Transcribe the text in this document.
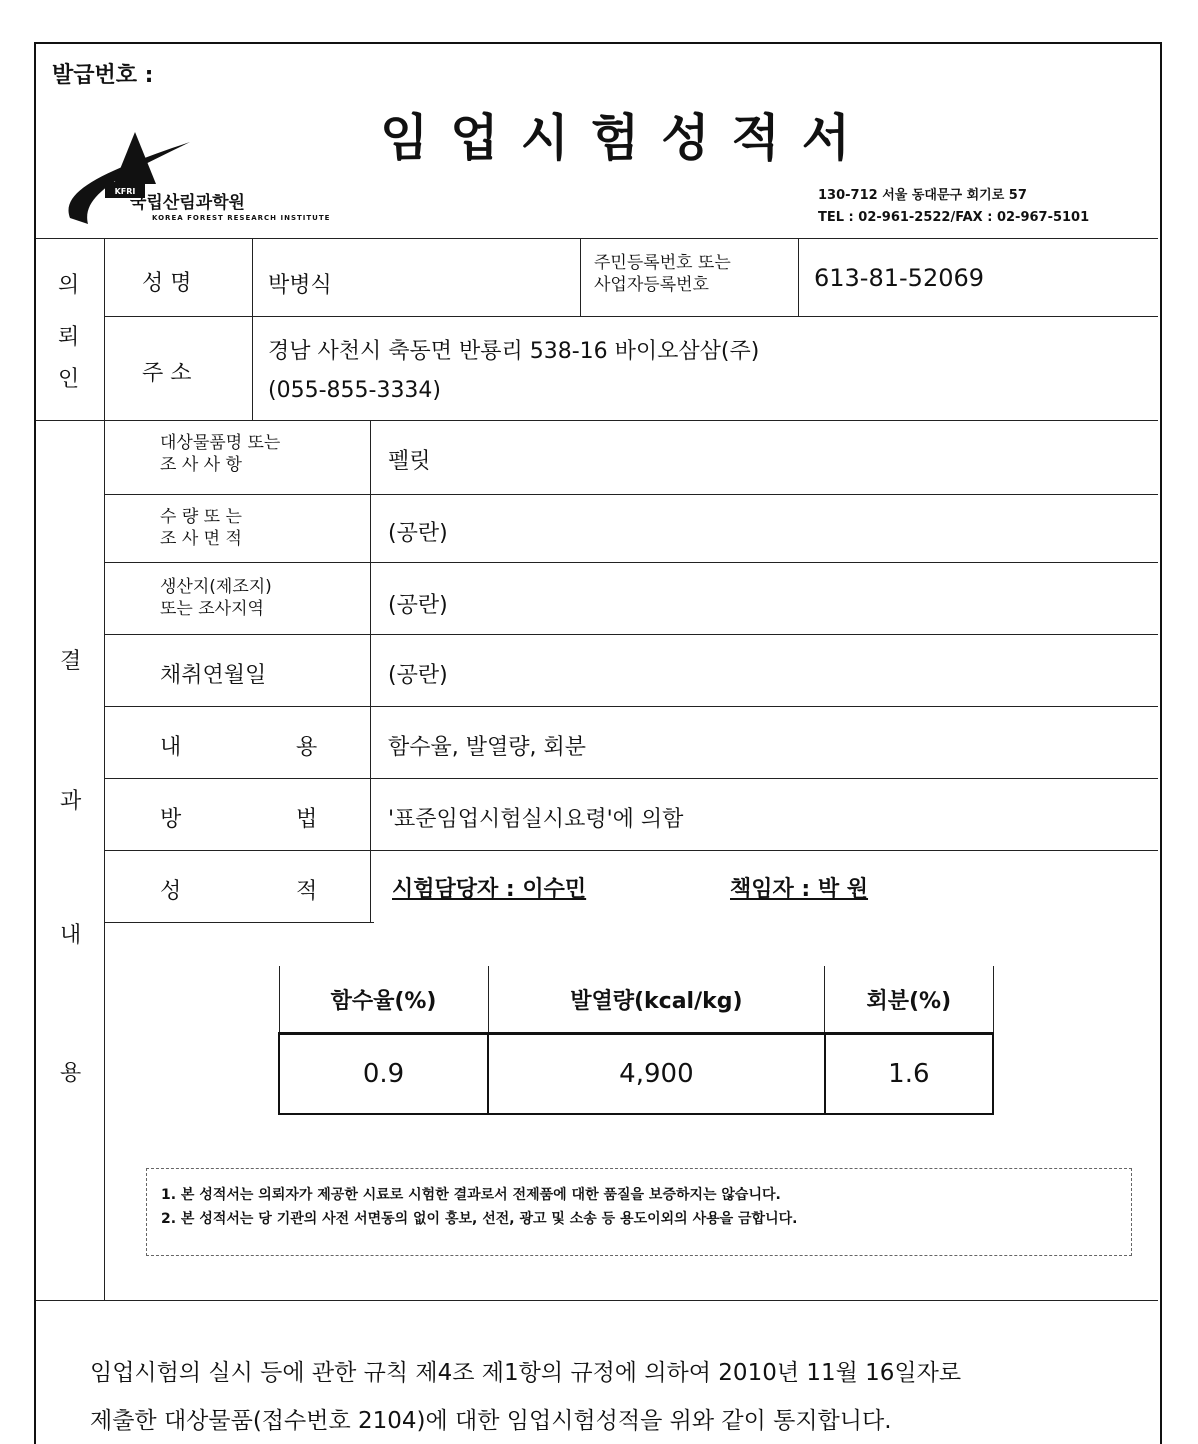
발급번호 :
임업시험성적서
KFRI
국립산림과학원
KOREA FOREST RESEARCH INSTITUTE
130-712 서울 동대문구 회기로 57
TEL : 02-961-2522/FAX : 02-967-5101
의
뢰
인
성 명	박병식
주민등록번호 또는
사업자등록번호	613-81-52069
주 소
경남 사천시 축동면 반룡리 538-16 바이오삼삼(주)
(055-855-3334)
결
과
내
용
대상물품명 또는
조 사 사 항	펠릿
수 량 또 는
조 사 면 적	(공란)
생산지(제조지)
또는 조사지역	(공란)
채취연월일	(공란)
내	용	함수율, 발열량, 회분
방	법	'표준임업시험실시요령'에 의함
성	적	시험담당자 : 이수민	책임자 : 박 원
함수율(%)	발열량(kcal/kg)	회분(%)
0.9	4,900	1.6
1. 본 성적서는 의뢰자가 제공한 시료로 시험한 결과로서 전제품에 대한 품질을 보증하지는 않습니다.
2. 본 성적서는 당 기관의 사전 서면동의 없이 홍보, 선전, 광고 및 소송 등 용도이외의 사용을 금합니다.
임업시험의 실시 등에 관한 규칙 제4조 제1항의 규정에 의하여 2010년 11월 16일자로
제출한 대상물품(접수번호 2104)에 대한 임업시험성적을 위와 같이 통지합니다.
